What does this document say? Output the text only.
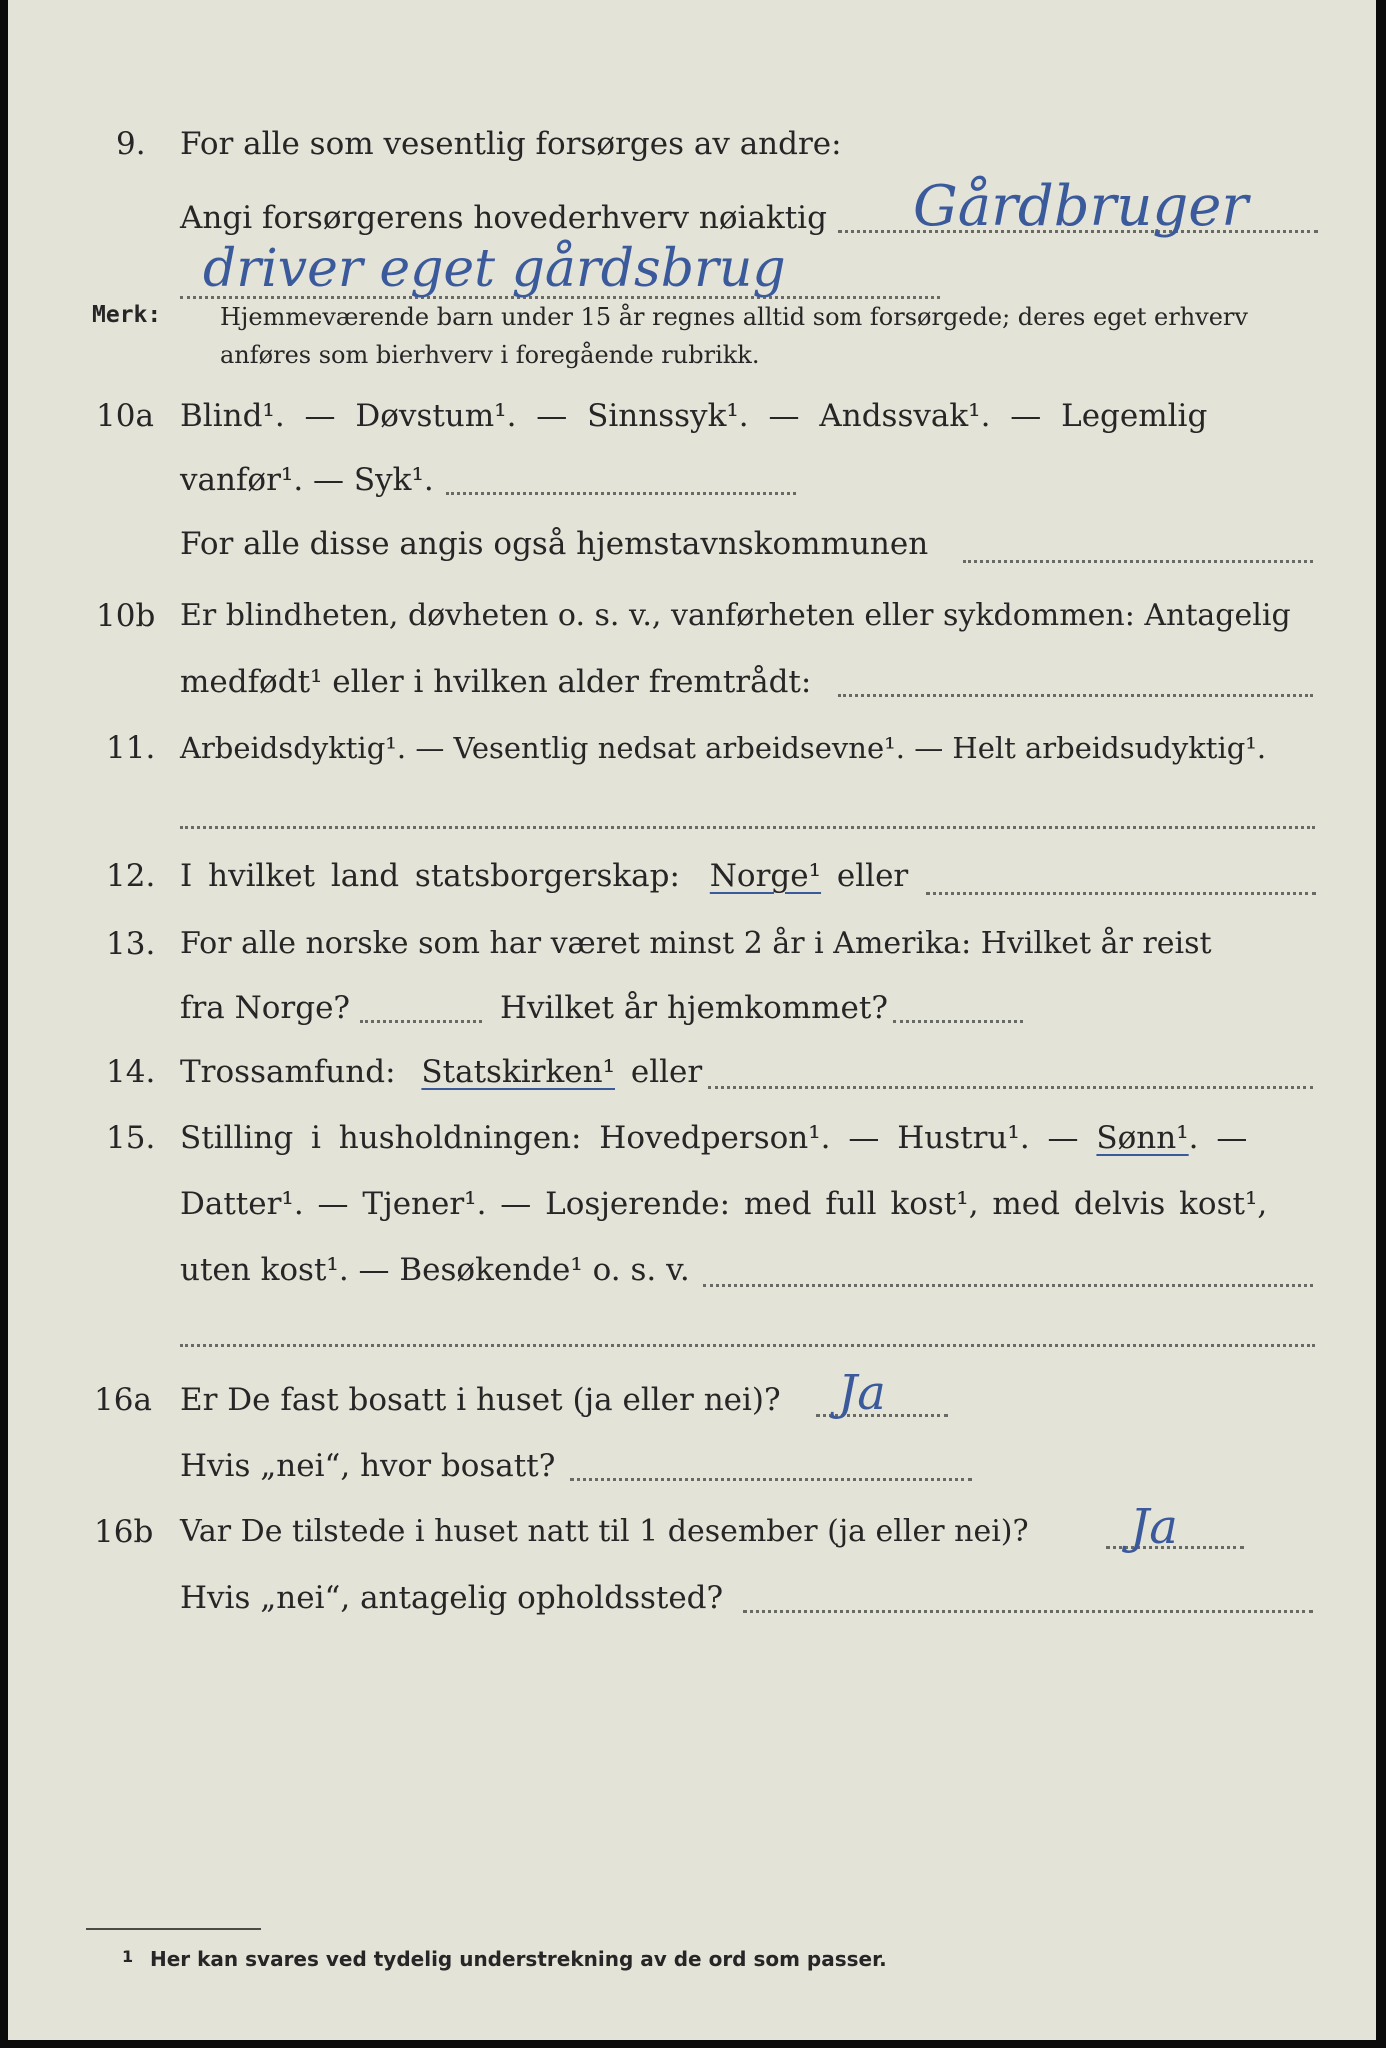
9. For alle som vesentlig forsørges av andre:
Angi forsørgerens hovederhverv nøiaktig Gårdbruger
driver eget gårdsbrug
Merk: Hjemmeværende barn under 15 år regnes alltid som forsørgede; deres eget erhverv
anføres som bierhverv i foregående rubrikk.
10a Blind¹. — Døvstum¹. — Sinnssyk¹. — Andssvak¹. — Legemlig
vanfør¹. — Syk¹.
For alle disse angis også hjemstavnskommunen
10b Er blindheten, døvheten o. s. v., vanførheten eller sykdommen: Antagelig
medfødt¹ eller i hvilken alder fremtrådt:
11. Arbeidsdyktig¹. — Vesentlig nedsat arbeidsevne¹. — Helt arbeidsudyktig¹.
12. I hvilket land statsborgerskap: Norge¹ eller
13. For alle norske som har været minst 2 år i Amerika: Hvilket år reist
fra Norge?	Hvilket år hjemkommet?
14. Trossamfund: Statskirken¹ eller
15. Stilling i husholdningen: Hovedperson¹. — Hustru¹. — Sønn¹. —
Datter¹. — Tjener¹. — Losjerende: med full kost¹, med delvis kost¹,
uten kost¹. — Besøkende¹ o. s. v.
16a Er De fast bosatt i huset (ja eller nei)? Ja
Hvis „nei“, hvor bosatt?
16b Var De tilstede i huset natt til 1 desember (ja eller nei)? Ja
Hvis „nei“, antagelig opholdssted?
1 Her kan svares ved tydelig understrekning av de ord som passer.
